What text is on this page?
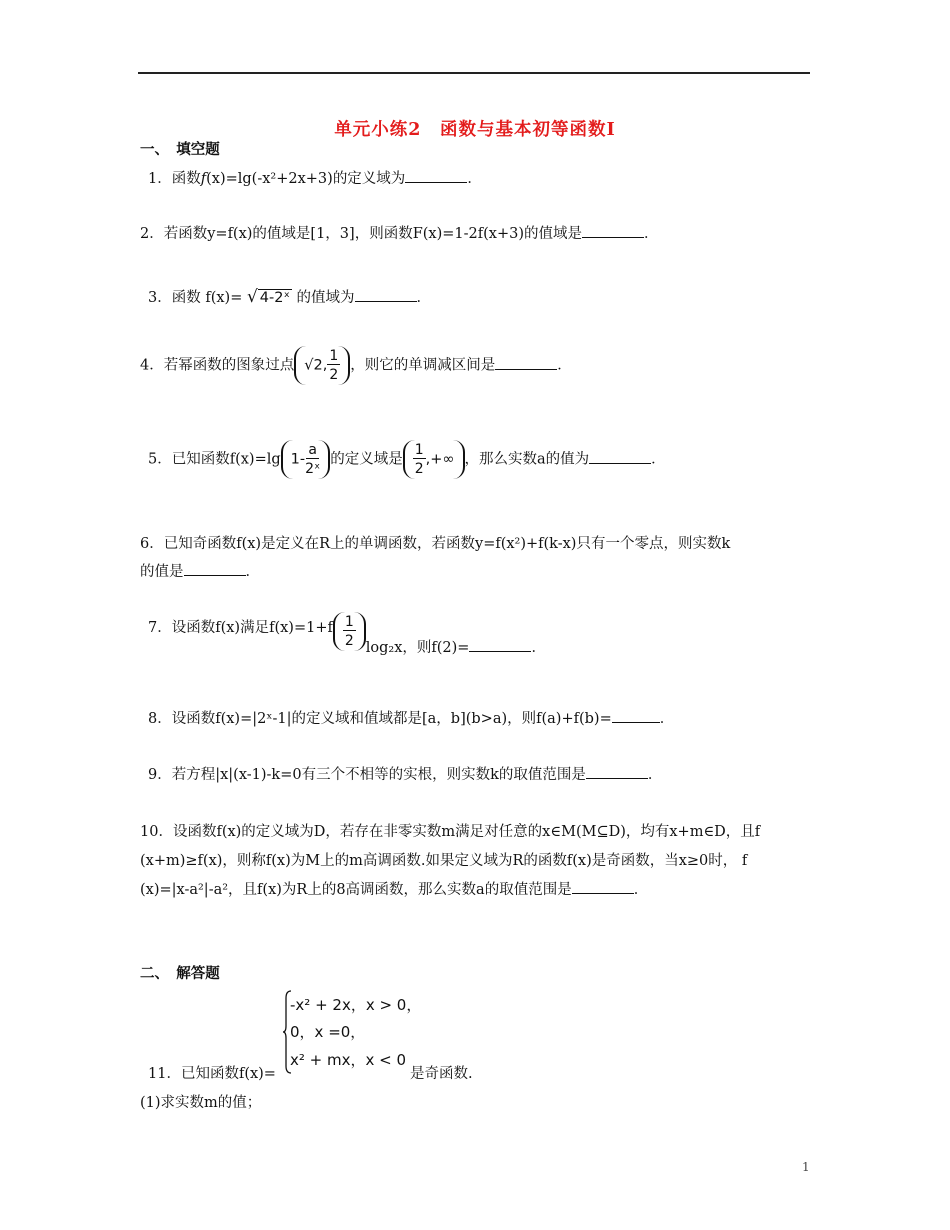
单元小练2　函数与基本初等函数Ⅰ
一、　填空题
1．函数f(x)=lg(-x²+2x+3)的定义域为	．
2．若函数y=f(x)的值域是[1，3]，则函数F(x)=1-2f(x+3)的值域是	．
3．函数 f(x)= √ 4-2ˣ 的值域为	．
4．若幂函数的图象过点 √2, $\frac{1}{2}$ ，则它的单调减区间是	．
5．已知函数f(x)=lg $1- \frac{a}{\text{2ˣ}}$ 的定义域是 $\frac{1}{2}$ ,+∞ ，那么实数a的值为	．
6．已知奇函数f(x)是定义在R上的单调函数，若函数y=f(x²)+f(k-x)只有一个零点，则实数k
的值是	．
7．设函数f(x)满足$f(x)=1+f \frac{1}{2} \log_2x$，则f(2)=	．
8．设函数f(x)=|2ˣ-1|的定义域和值域都是[a，b](b>a)，则f(a)+f(b)=	．
9．若方程|x|(x-1)-k=0有三个不相等的实根，则实数k的取值范围是	．
10．设函数f(x)的定义域为D，若存在非零实数m满足对任意的x∈M(M⊆D)，均有x+m∈D，且f
(x+m)≥f(x)，则称f(x)为M上的m高调函数.如果定义域为R的函数f(x)是奇函数，当x≥0时， f
(x)=|x-a²|-a²，且f(x)为R上的8高调函数，那么实数a的取值范围是	．
二、　解答题
-x² + 2x，x > 0，
0，x =0，
x² + mx，x < 0
11．已知函数f(x)=	是奇函数.
(1)求实数m的值；
1
